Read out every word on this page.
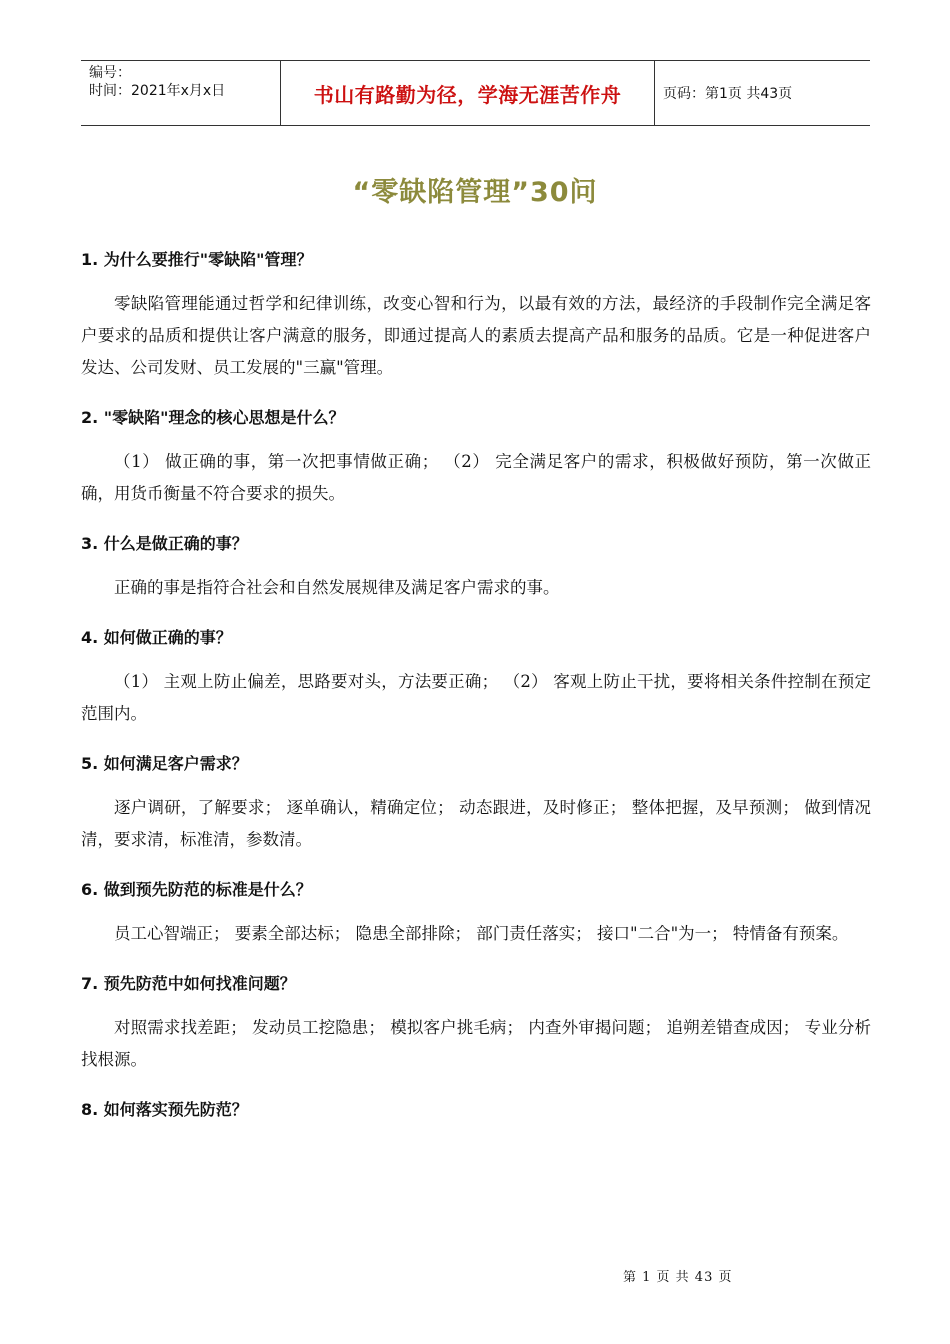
编号：
时间：2021年x月x日	书山有路勤为径，学海无涯苦作舟	页码：第1页 共43页
“零缺陷管理”30问
1. 为什么要推行"零缺陷"管理？
零缺陷管理能通过哲学和纪律训练，改变心智和行为，以最有效的方法，最经济的手段制作完全满足客户要求的品质和提供让客户满意的服务，即通过提高人的素质去提高产品和服务的品质。它是一种促进客户发达、公司发财、员工发展的"三赢"管理。
2. "零缺陷"理念的核心思想是什么？
（1） 做正确的事，第一次把事情做正确； （2） 完全满足客户的需求，积极做好预防，第一次做正确，用货币衡量不符合要求的损失。
3. 什么是做正确的事？
正确的事是指符合社会和自然发展规律及满足客户需求的事。
4. 如何做正确的事？
（1） 主观上防止偏差，思路要对头，方法要正确； （2） 客观上防止干扰，要将相关条件控制在预定范围内。
5. 如何满足客户需求？
逐户调研，了解要求； 逐单确认，精确定位； 动态跟进，及时修正； 整体把握，及早预测； 做到情况清，要求清，标准清，参数清。
6. 做到预先防范的标准是什么？
员工心智端正； 要素全部达标； 隐患全部排除； 部门责任落实； 接口"二合"为一； 特情备有预案。
7. 预先防范中如何找准问题？
对照需求找差距； 发动员工挖隐患； 模拟客户挑毛病； 内查外审揭问题； 追朔差错查成因； 专业分析找根源。
8. 如何落实预先防范？
第 1 页 共 43 页
